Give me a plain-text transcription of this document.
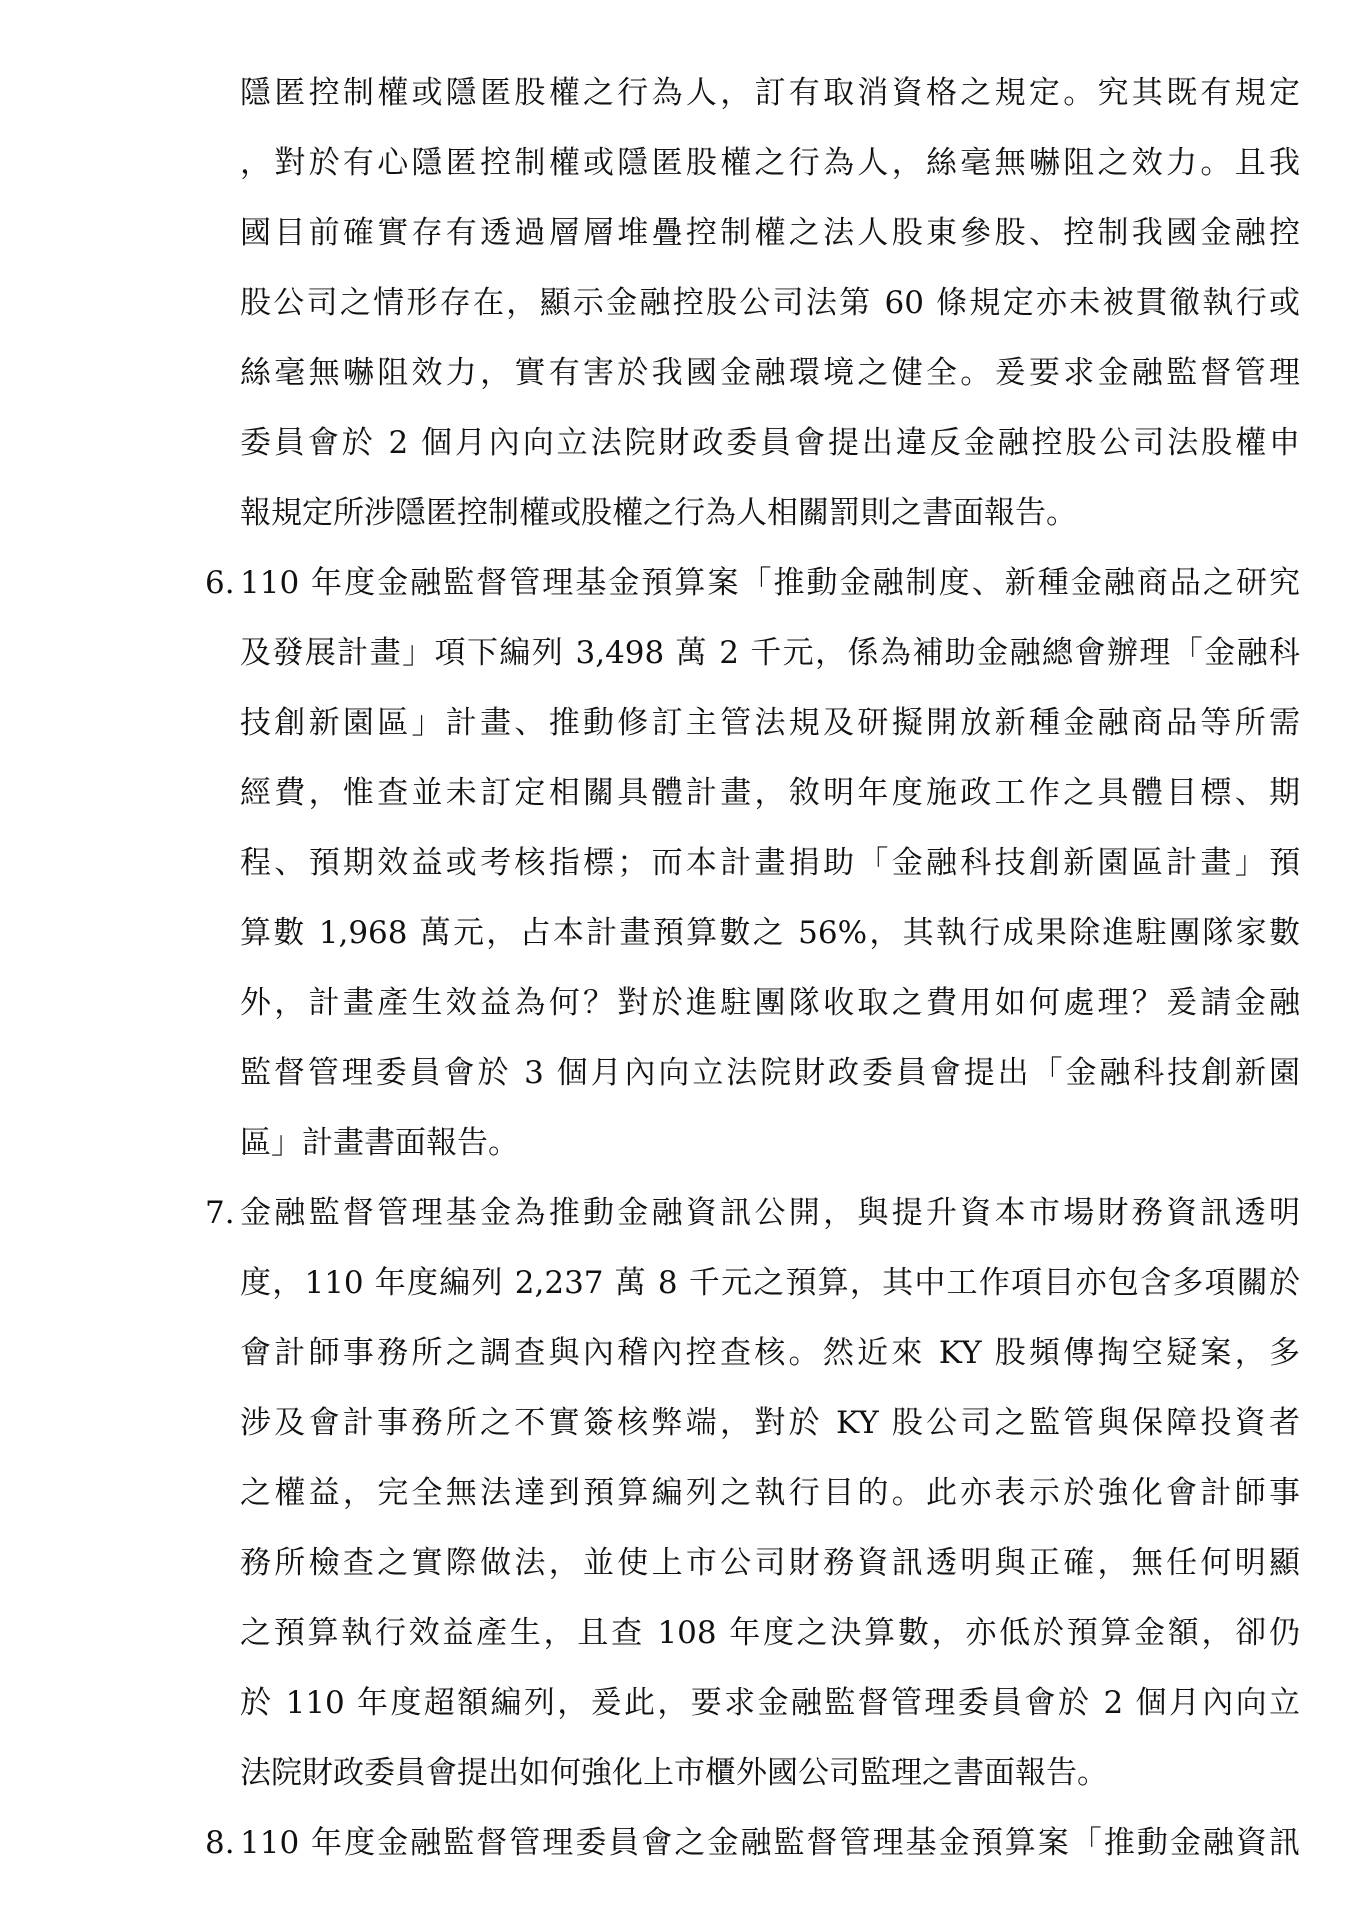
隱匿控制權或隱匿股權之行為人，訂有取消資格之規定。究其既有規定
，對於有心隱匿控制權或隱匿股權之行為人，絲毫無嚇阻之效力。且我
國目前確實存有透過層層堆疊控制權之法人股東參股、控制我國金融控
股公司之情形存在，顯示金融控股公司法第 60 條規定亦未被貫徹執行或
絲毫無嚇阻效力，實有害於我國金融環境之健全。爰要求金融監督管理
委員會於 2 個月內向立法院財政委員會提出違反金融控股公司法股權申
報規定所涉隱匿控制權或股權之行為人相關罰則之書面報告。
6. 110 年度金融監督管理基金預算案「推動金融制度、新種金融商品之研究
及發展計畫」項下編列 3,498 萬 2 千元，係為補助金融總會辦理「金融科
技創新園區」計畫、推動修訂主管法規及研擬開放新種金融商品等所需
經費，惟查並未訂定相關具體計畫，敘明年度施政工作之具體目標、期
程、預期效益或考核指標；而本計畫捐助「金融科技創新園區計畫」預
算數 1,968 萬元，占本計畫預算數之 56%，其執行成果除進駐團隊家數
外，計畫產生效益為何？對於進駐團隊收取之費用如何處理？爰請金融
監督管理委員會於 3 個月內向立法院財政委員會提出「金融科技創新園
區」計畫書面報告。
7. 金融監督管理基金為推動金融資訊公開，與提升資本市場財務資訊透明
度，110 年度編列 2,237 萬 8 千元之預算，其中工作項目亦包含多項關於
會計師事務所之調查與內稽內控查核。然近來 KY 股頻傳掏空疑案，多
涉及會計事務所之不實簽核弊端，對於 KY 股公司之監管與保障投資者
之權益，完全無法達到預算編列之執行目的。此亦表示於強化會計師事
務所檢查之實際做法，並使上市公司財務資訊透明與正確，無任何明顯
之預算執行效益產生，且查 108 年度之決算數，亦低於預算金額，卻仍
於 110 年度超額編列，爰此，要求金融監督管理委員會於 2 個月內向立
法院財政委員會提出如何強化上市櫃外國公司監理之書面報告。
8. 110 年度金融監督管理委員會之金融監督管理基金預算案「推動金融資訊
